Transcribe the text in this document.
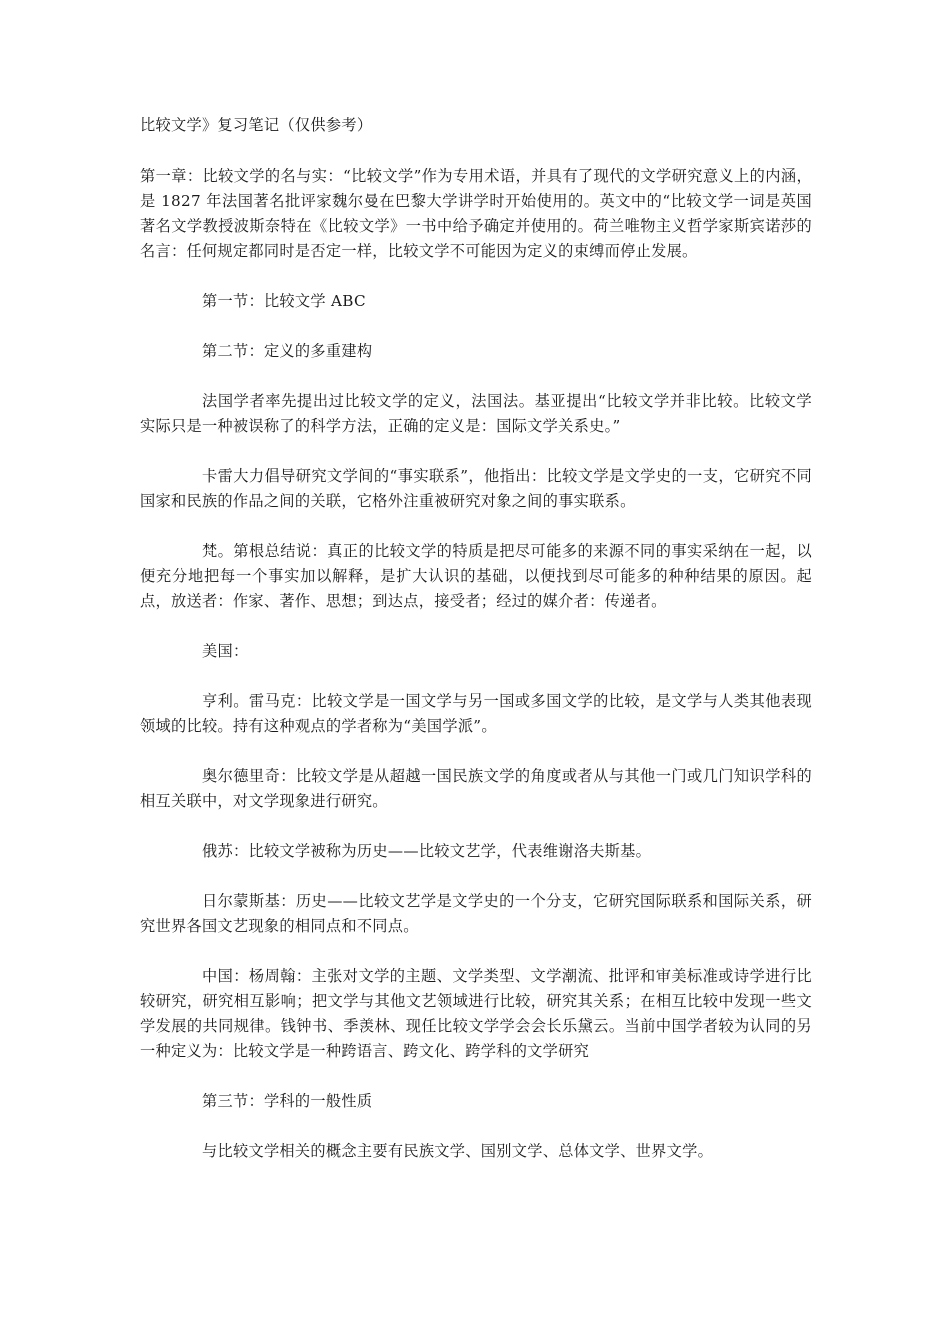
比较文学》复习笔记（仅供参考）

第一章：比较文学的名与实：“比较文学”作为专用术语，并具有了现代的文学研究意义上的内涵，是 1827 年法国著名批评家魏尔曼在巴黎大学讲学时开始使用的。英文中的“比较文学一词是英国著名文学教授波斯奈特在《比较文学》一书中给予确定并使用的。荷兰唯物主义哲学家斯宾诺莎的名言：任何规定都同时是否定一样，比较文学不可能因为定义的束缚而停止发展。

第一节：比较文学 ABC

第二节：定义的多重建构

法国学者率先提出过比较文学的定义，法国法。基亚提出“比较文学并非比较。比较文学实际只是一种被误称了的科学方法，正确的定义是：国际文学关系史。”

卡雷大力倡导研究文学间的“事实联系”，他指出：比较文学是文学史的一支，它研究不同国家和民族的作品之间的关联，它格外注重被研究对象之间的事实联系。

梵。第根总结说：真正的比较文学的特质是把尽可能多的来源不同的事实采纳在一起，以便充分地把每一个事实加以解释，是扩大认识的基础，以便找到尽可能多的种种结果的原因。起点，放送者：作家、著作、思想；到达点，接受者；经过的媒介者：传递者。

美国：

亨利。雷马克：比较文学是一国文学与另一国或多国文学的比较，是文学与人类其他表现领域的比较。持有这种观点的学者称为“美国学派”。

奥尔德里奇：比较文学是从超越一国民族文学的角度或者从与其他一门或几门知识学科的相互关联中，对文学现象进行研究。

俄苏：比较文学被称为历史——比较文艺学，代表维谢洛夫斯基。

日尔蒙斯基：历史——比较文艺学是文学史的一个分支，它研究国际联系和国际关系，研究世界各国文艺现象的相同点和不同点。

中国：杨周翰：主张对文学的主题、文学类型、文学潮流、批评和审美标准或诗学进行比较研究，研究相互影响；把文学与其他文艺领域进行比较，研究其关系；在相互比较中发现一些文学发展的共同规律。钱钟书、季羡林、现任比较文学学会会长乐黛云。当前中国学者较为认同的另一种定义为：比较文学是一种跨语言、跨文化、跨学科的文学研究

第三节：学科的一般性质

与比较文学相关的概念主要有民族文学、国别文学、总体文学、世界文学。
